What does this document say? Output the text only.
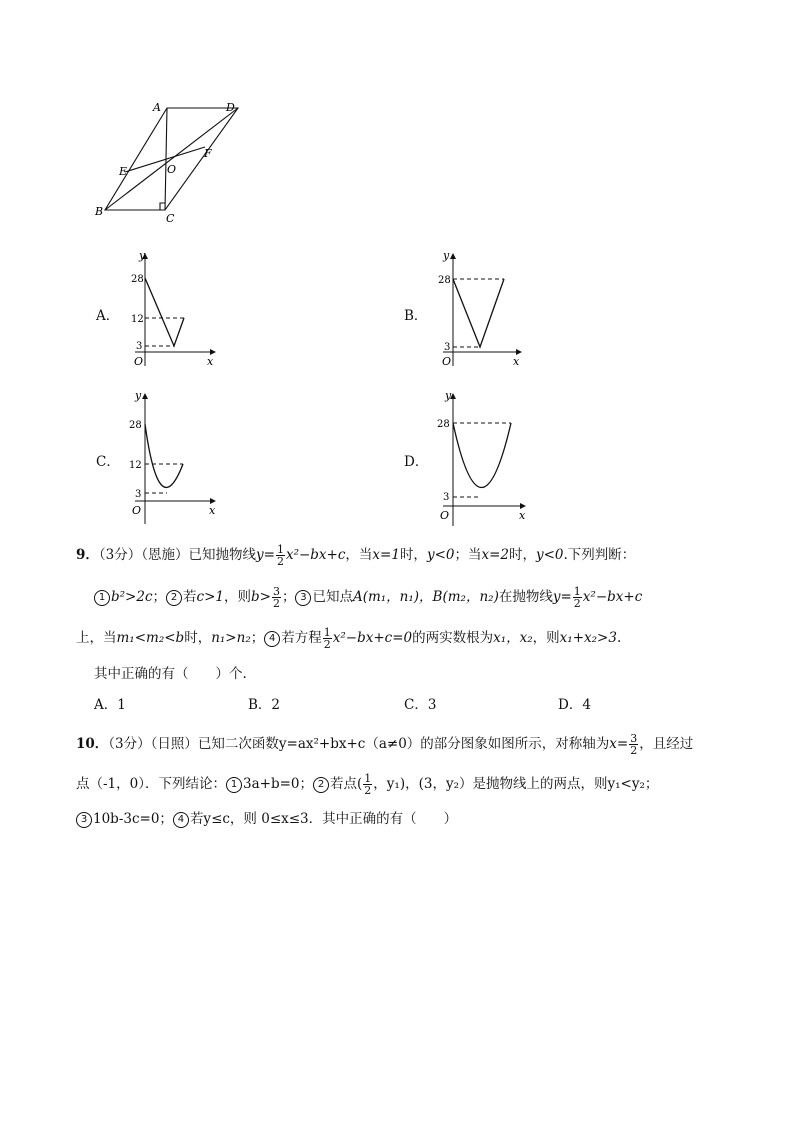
A	D
E
F
O
B
C
A．
28
12
3
y
x
O
B．
28
3
y
x
O
C．
28
12
3
y
x
O
D．
28
3
y
x
O
9．（3分）（恩施）已知抛物线$y= \frac{1}{2} x^2-bx+c$，当x=1时，y<0；当x=2时，y<0.下列判断：
1 b²>2c； 2 若c>1，则$b> \frac{3}{2}$ ； 3 已知点A(m₁，n₁)，B(m₂，n₂)在抛物线$y= \frac{1}{2} x^2-bx+c$
上，当m₁<m₂<b时，n₁>n₂； 4 若方程 $\frac{1}{2} x^2-bx+c=0$的两实数根为x₁，x₂，则x₁+x₂>3.
其中正确的有（　　）个.
A．1	B．2	C．3	D．4
10．（3分）（日照）已知二次函数y=ax²+bx+c（a≠0）的部分图象如图所示，对称轴为$x= \frac{3}{2}$ ，且经过
点（-1，0）．下列结论： 1 3a+b=0； 2 若点( $\frac{1}{2}$ ，y₁)，(3，y₂）是抛物线上的两点，则y₁<y₂；
3 10b-3c=0； 4 若y≤c，则 0≤x≤3．其中正确的有（　　）
